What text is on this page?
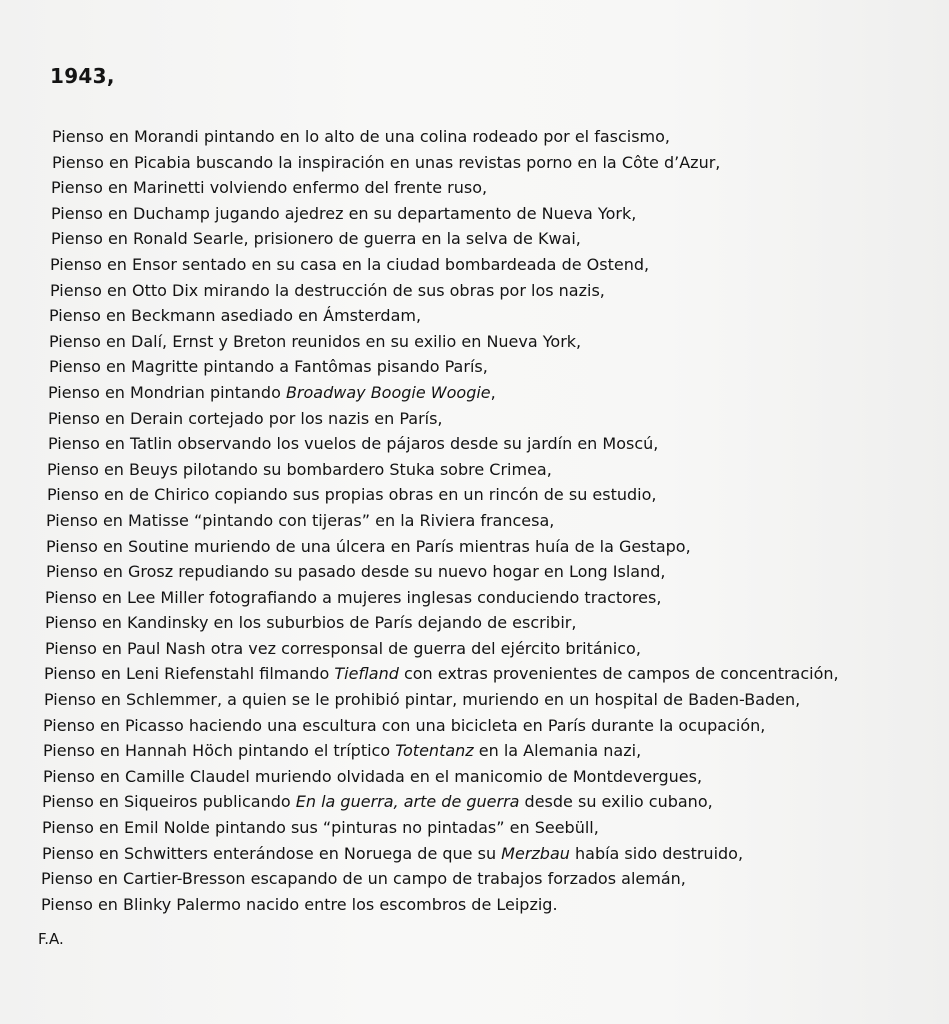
1943,
Pienso en Morandi pintando en lo alto de una colina rodeado por el fascismo,
Pienso en Picabia buscando la inspiración en unas revistas porno en la Côte d’Azur,
Pienso en Marinetti volviendo enfermo del frente ruso,
Pienso en Duchamp jugando ajedrez en su departamento de Nueva York,
Pienso en Ronald Searle, prisionero de guerra en la selva de Kwai,
Pienso en Ensor sentado en su casa en la ciudad bombardeada de Ostend,
Pienso en Otto Dix mirando la destrucción de sus obras por los nazis,
Pienso en Beckmann asediado en Ámsterdam,
Pienso en Dalí, Ernst y Breton reunidos en su exilio en Nueva York,
Pienso en Magritte pintando a Fantômas pisando París,
Pienso en Mondrian pintando Broadway Boogie Woogie,
Pienso en Derain cortejado por los nazis en París,
Pienso en Tatlin observando los vuelos de pájaros desde su jardín en Moscú,
Pienso en Beuys pilotando su bombardero Stuka sobre Crimea,
Pienso en de Chirico copiando sus propias obras en un rincón de su estudio,
Pienso en Matisse “pintando con tijeras” en la Riviera francesa,
Pienso en Soutine muriendo de una úlcera en París mientras huía de la Gestapo,
Pienso en Grosz repudiando su pasado desde su nuevo hogar en Long Island,
Pienso en Lee Miller fotografiando a mujeres inglesas conduciendo tractores,
Pienso en Kandinsky en los suburbios de París dejando de escribir,
Pienso en Paul Nash otra vez corresponsal de guerra del ejército británico,
Pienso en Leni Riefenstahl filmando Tiefland con extras provenientes de campos de concentración,
Pienso en Schlemmer, a quien se le prohibió pintar, muriendo en un hospital de Baden-Baden,
Pienso en Picasso haciendo una escultura con una bicicleta en París durante la ocupación,
Pienso en Hannah Höch pintando el tríptico Totentanz en la Alemania nazi,
Pienso en Camille Claudel muriendo olvidada en el manicomio de Montdevergues,
Pienso en Siqueiros publicando En la guerra, arte de guerra desde su exilio cubano,
Pienso en Emil Nolde pintando sus “pinturas no pintadas” en Seebüll,
Pienso en Schwitters enterándose en Noruega de que su Merzbau había sido destruido,
Pienso en Cartier-Bresson escapando de un campo de trabajos forzados alemán,
Pienso en Blinky Palermo nacido entre los escombros de Leipzig.
F.A.
